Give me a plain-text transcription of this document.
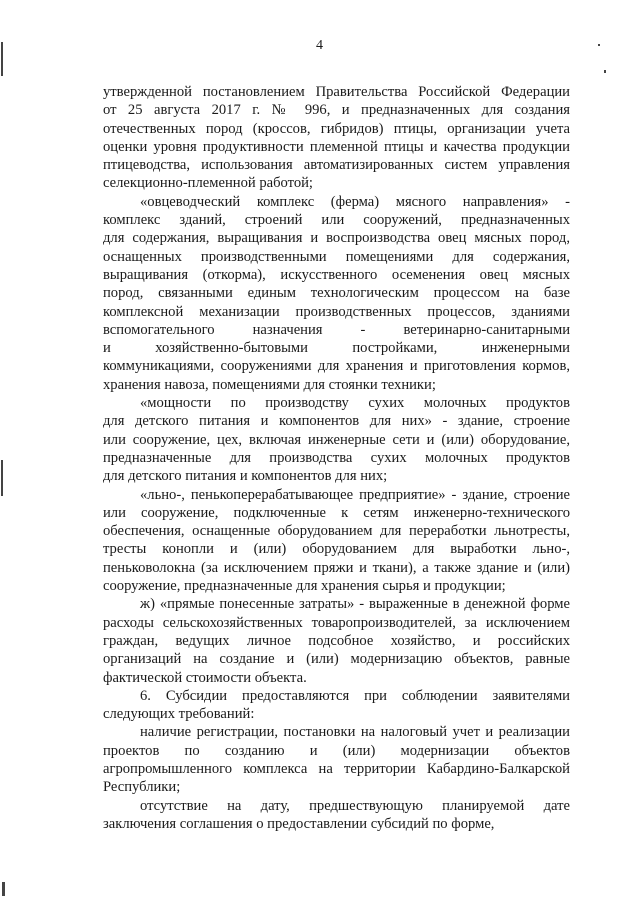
4

утвержденной постановлением Правительства Российской Федерации

от 25 августа 2017 г. № 996, и предназначенных для создания

отечественных пород (кроссов, гибридов) птицы, организации учета

оценки уровня продуктивности племенной птицы и качества продукции

птицеводства, использования автоматизированных систем управления

селекционно-племенной работой;

«овцеводческий комплекс (ферма) мясного направления» -

комплекс зданий, строений или сооружений, предназначенных

для содержания, выращивания и воспроизводства овец мясных пород,

оснащенных производственными помещениями для содержания,

выращивания (откорма), искусственного осеменения овец мясных

пород, связанными единым технологическим процессом на базе

комплексной механизации производственных процессов, зданиями

вспомогательного назначения - ветеринарно-санитарными

и хозяйственно-бытовыми постройками, инженерными

коммуникациями, сооружениями для хранения и приготовления кормов,

хранения навоза, помещениями для стоянки техники;

«мощности по производству сухих молочных продуктов

для детского питания и компонентов для них» - здание, строение

или сооружение, цех, включая инженерные сети и (или) оборудование,

предназначенные для производства сухих молочных продуктов

для детского питания и компонентов для них;

«льно-, пенькоперерабатывающее предприятие» - здание, строение

или сооружение, подключенные к сетям инженерно-технического

обеспечения, оснащенные оборудованием для переработки льнотресты,

тресты конопли и (или) оборудованием для выработки льно-,

пеньковолокна (за исключением пряжи и ткани), а также здание и (или)

сооружение, предназначенные для хранения сырья и продукции;

ж) «прямые понесенные затраты» - выраженные в денежной форме

расходы сельскохозяйственных товаропроизводителей, за исключением

граждан, ведущих личное подсобное хозяйство, и российских

организаций на создание и (или) модернизацию объектов, равные

фактической стоимости объекта.

6. Субсидии предоставляются при соблюдении заявителями

следующих требований:

наличие регистрации, постановки на налоговый учет и реализации

проектов по созданию и (или) модернизации объектов

агропромышленного комплекса на территории Кабардино-Балкарской

Республики;

отсутствие на дату, предшествующую планируемой дате

заключения соглашения о предоставлении субсидий по форме,
